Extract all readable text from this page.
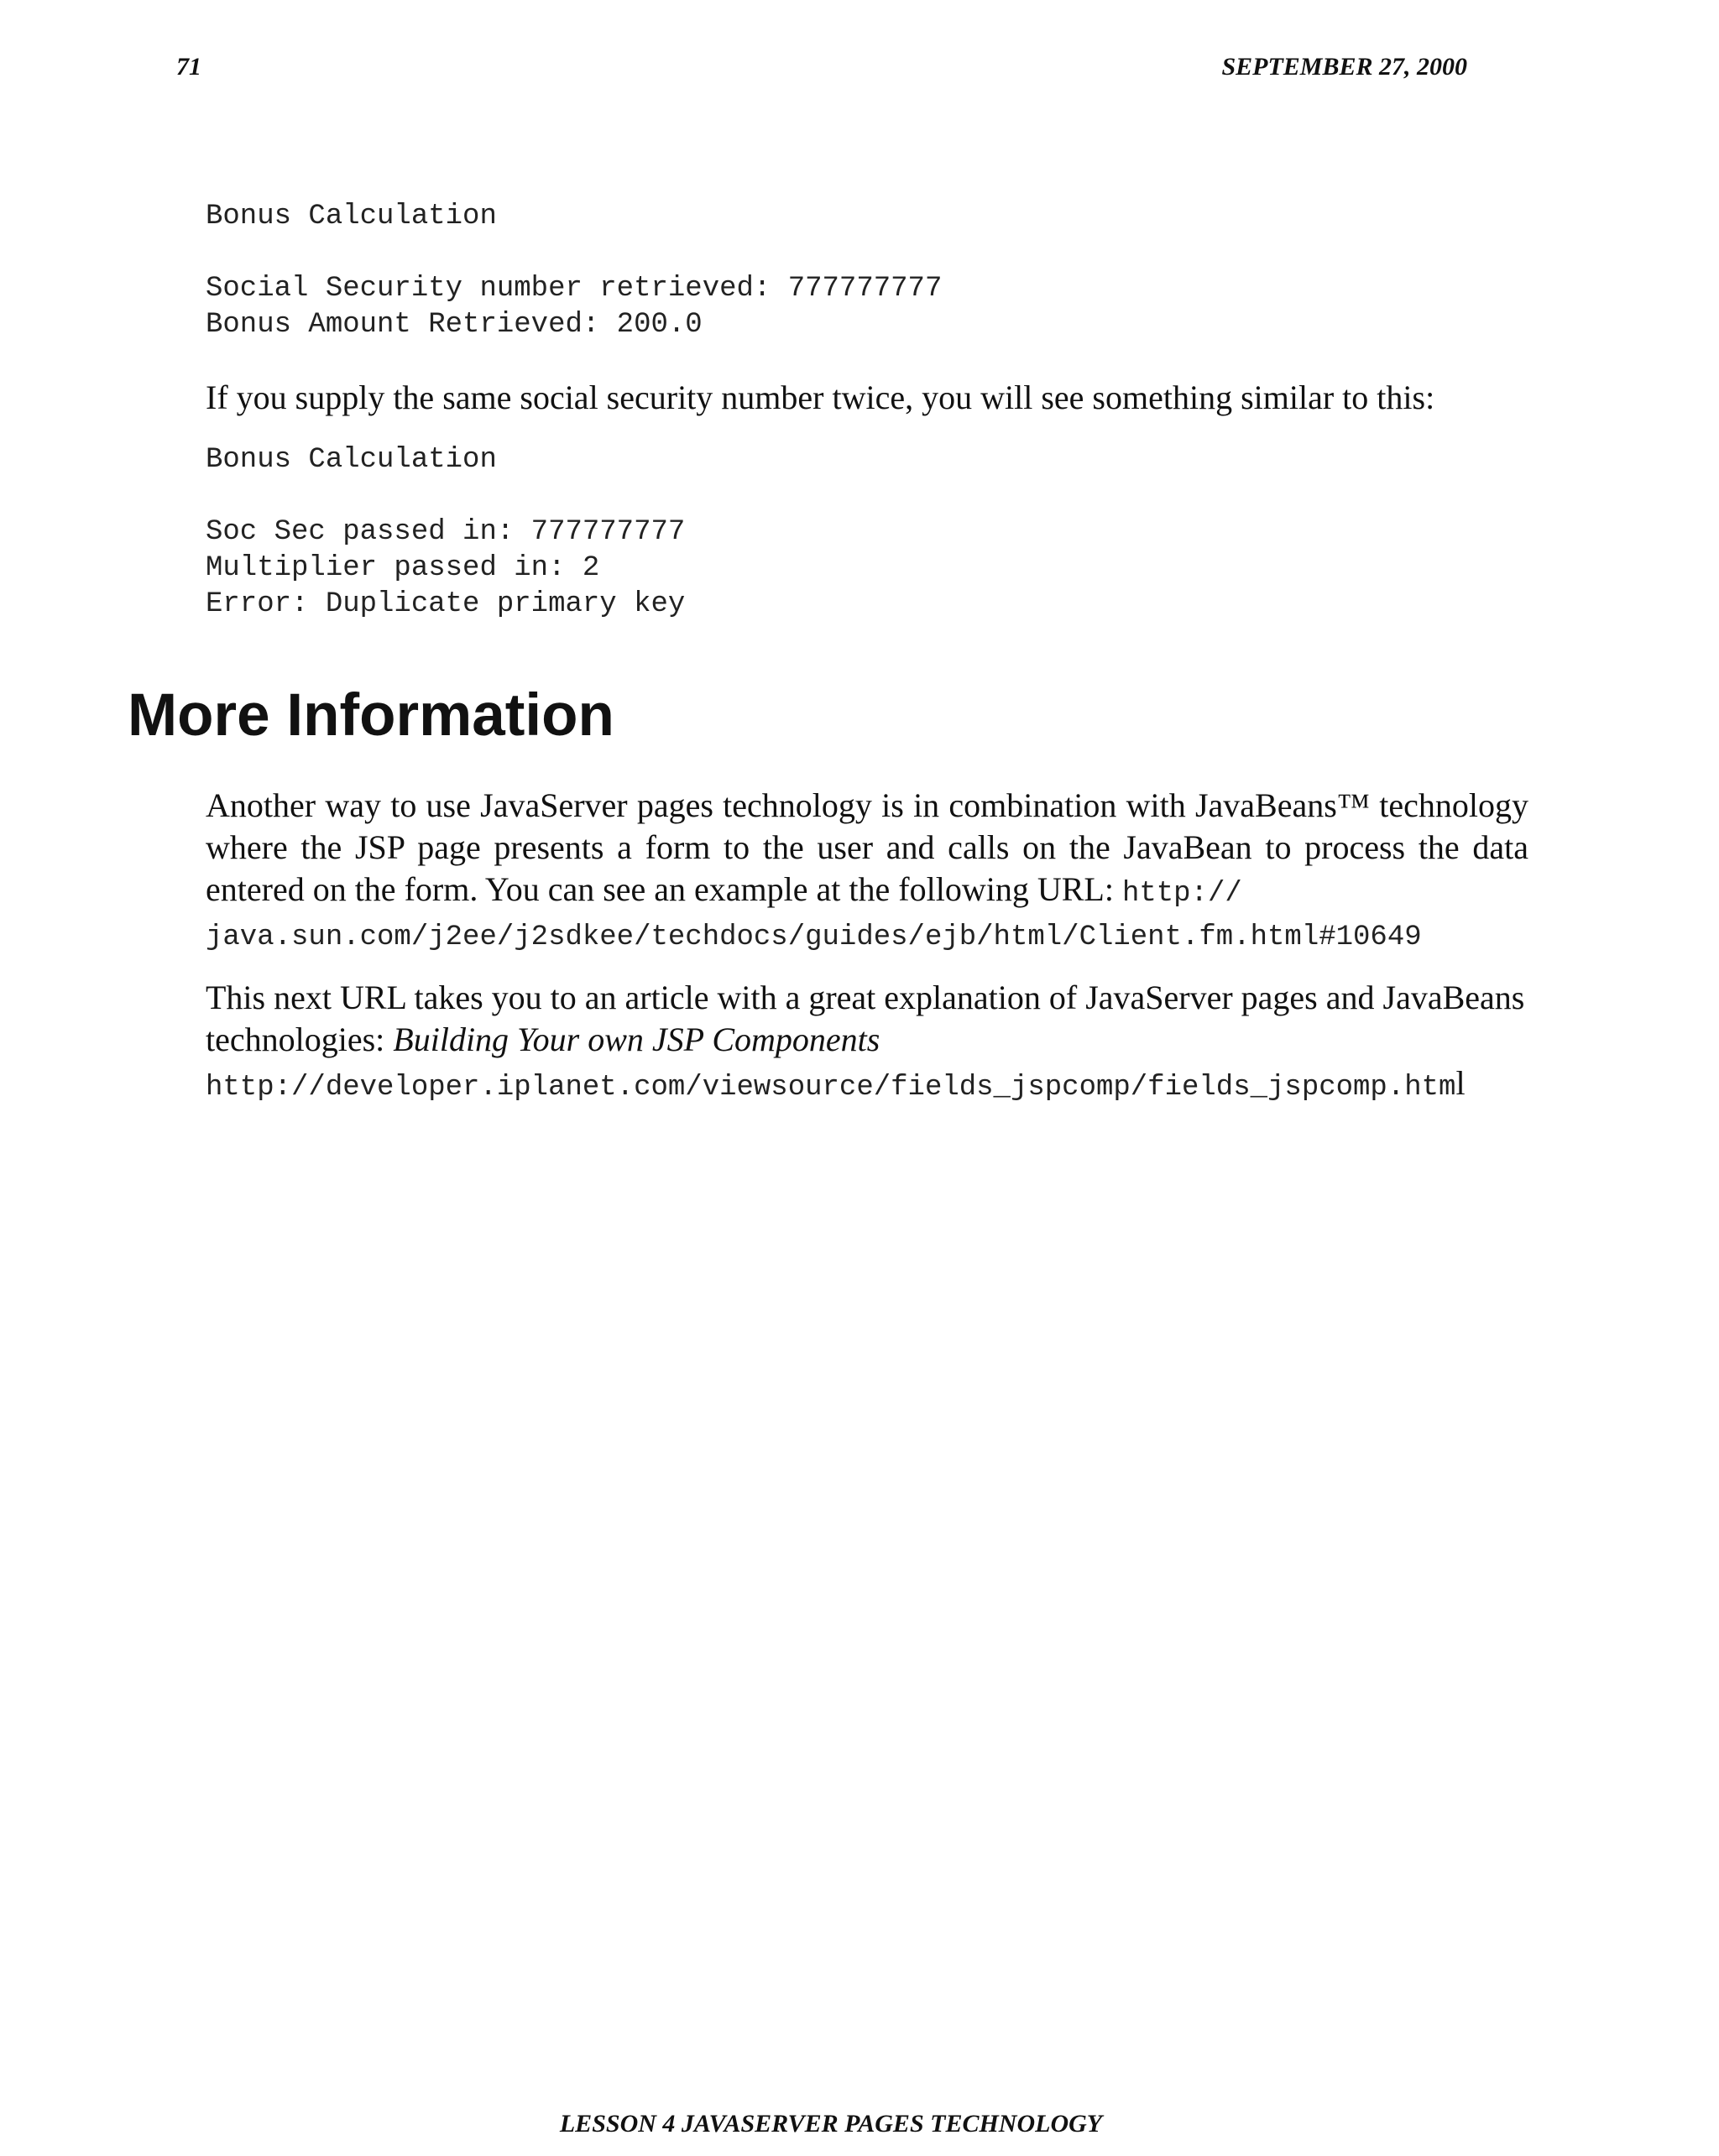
71	SEPTEMBER 27, 2000
Bonus Calculation

Social Security number retrieved: 777777777
Bonus Amount Retrieved: 200.0

If you supply the same social security number twice, you will see something similar to this:

Bonus Calculation

Soc Sec passed in: 777777777
Multiplier passed in: 2
Error: Duplicate primary key
More Information

Another way to use JavaServer pages technology is in combination with JavaBeans™ technology where the JSP page presents a form to the user and calls on the JavaBean to process the data entered on the form. You can see an example at the following URL: http://
java.sun.com/j2ee/j2sdkee/techdocs/guides/ejb/html/Client.fm.html#10649

This next URL takes you to an article with a great explanation of JavaServer pages and JavaBeans technologies: Building Your own JSP Components
http://developer.iplanet.com/viewsource/fields_jspcomp/fields_jspcomp.html

LESSON 4 JAVASERVER PAGES TECHNOLOGY
